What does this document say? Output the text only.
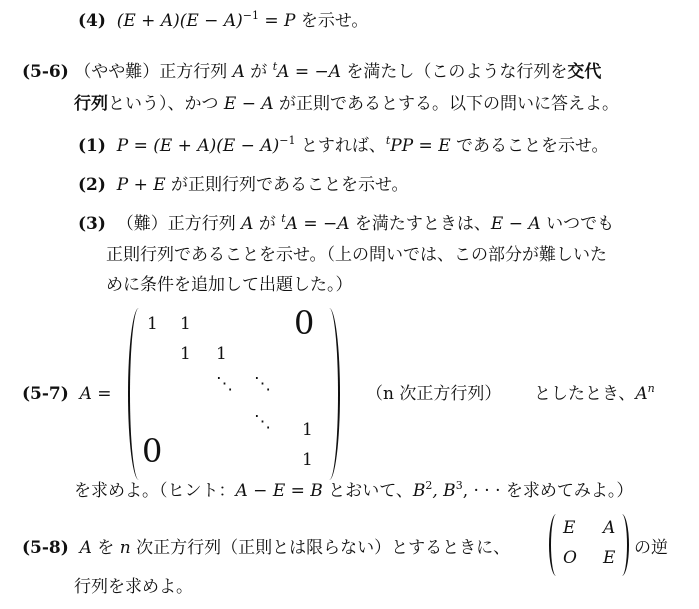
(4) $(E + A)(E - A)^{-1} = P$ を示せ。
(5-6) （やや難）正方行列 A が $^t$A = −A を満たし（このような行列を交代
行列という）、かつ E − A が正則であるとする。以下の問いに答えよ。
(1) $P = (E + A)(E - A)^{-1}$ とすれば、$^t$PP = E であることを示せ。
(2) P + E が正則行列であることを示せ。
(3) （難）正方行列 A が $^t$A = −A を満たすときは、E − A いつでも
正則行列であることを示せ。（上の問いでは、この部分が難しいた
めに条件を追加して出題した。）
(5-7) A =
1 1
1 1
⋱ ⋱
⋱ 1
1
0
0
（n 次正方行列） としたとき、$A^n$
を求めよ。（ヒント：A − E = B とおいて、$B^2$, $B^3$, · · · を求めてみよ。）
(5-8) A を n 次正方行列（正則とは限らない）とするときに、
E A
O E の逆
行列を求めよ。
